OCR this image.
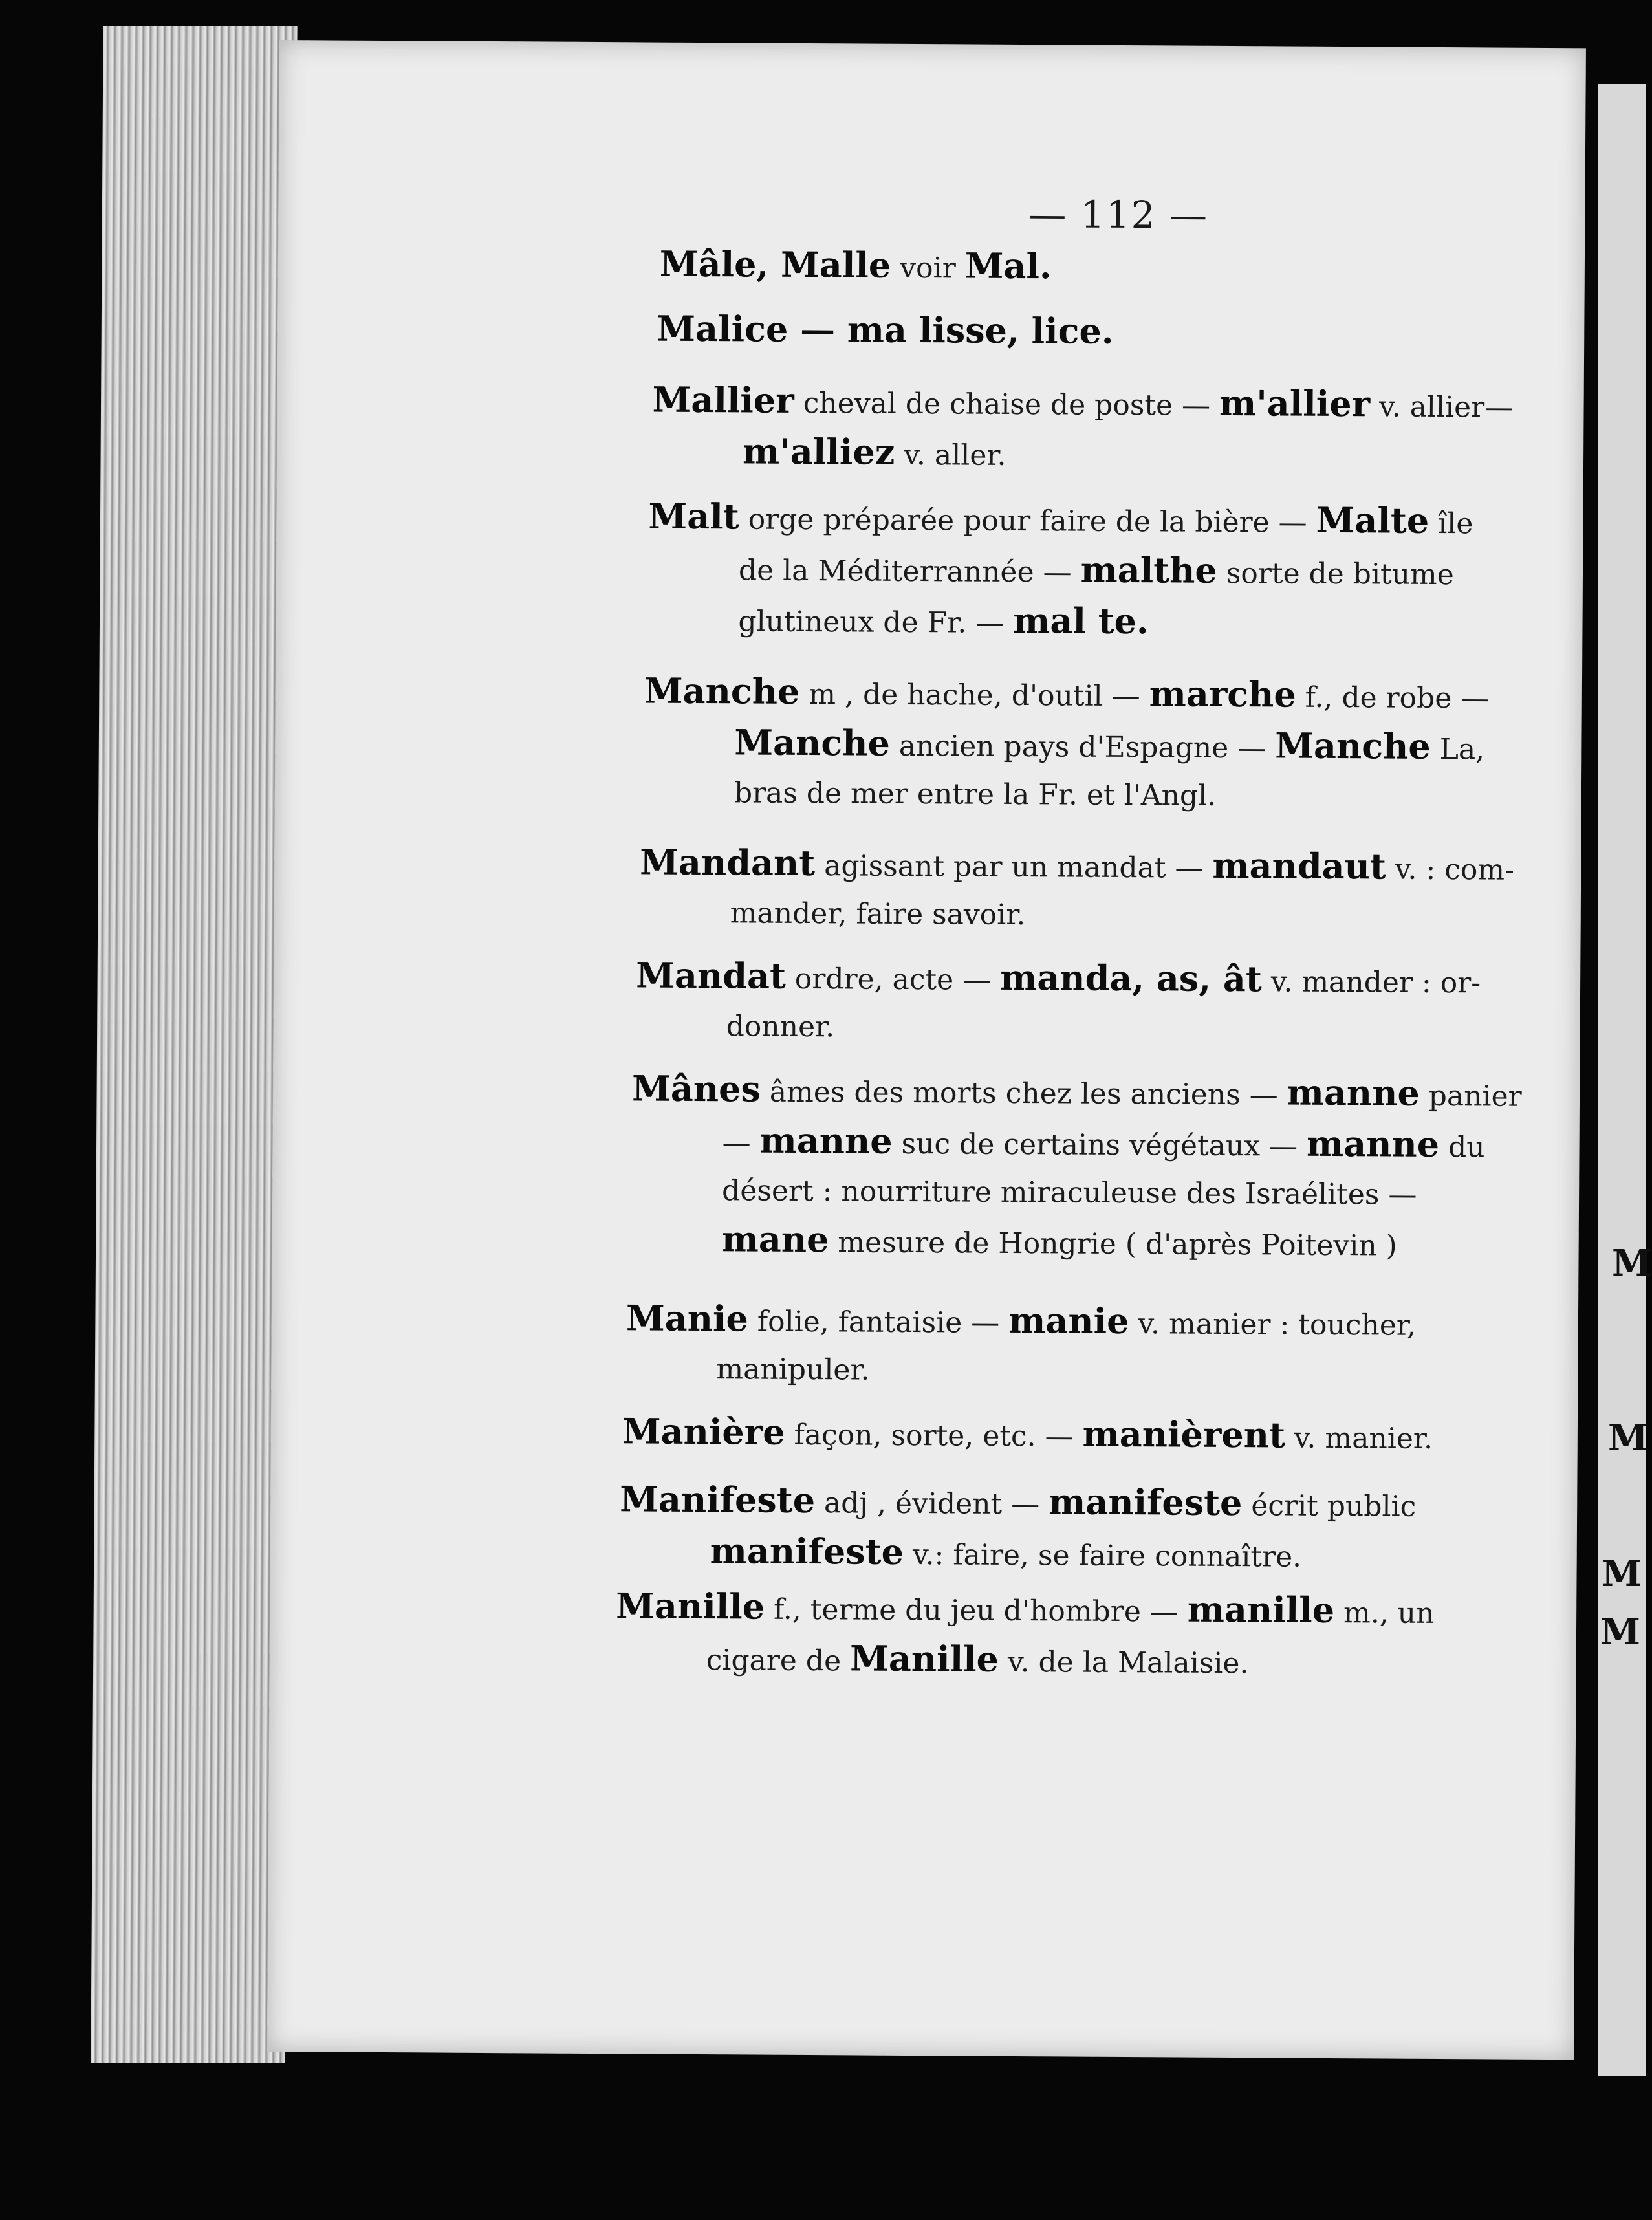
— 112 —
Mâle, Malle voir Mal.
Malice — ma lisse, lice.
Mallier cheval de chaise de poste — m'allier v. allier—
m'alliez v. aller.
Malt orge préparée pour faire de la bière — Malte île
de la Méditerrannée — malthe sorte de bitume
glutineux de Fr. — mal te.
Manche m , de hache, d'outil — marche f., de robe —
Manche ancien pays d'Espagne — Manche La,
bras de mer entre la Fr. et l'Angl.
Mandant agissant par un mandat — mandaut v. : com-
mander, faire savoir.
Mandat ordre, acte — manda, as, ât v. mander : or-
donner.
Mânes âmes des morts chez les anciens — manne panier
— manne suc de certains végétaux — manne du
désert : nourriture miraculeuse des Israélites —
mane mesure de Hongrie ( d'après Poitevin )
Manie folie, fantaisie — manie v. manier : toucher,
manipuler.
Manière façon, sorte, etc. — manièrent v. manier.
Manifeste adj , évident — manifeste écrit public
manifeste v.: faire, se faire connaître.
Manille f., terme du jeu d'hombre — manille m., un
cigare de Manille v. de la Malaisie.
M
M
M
M
